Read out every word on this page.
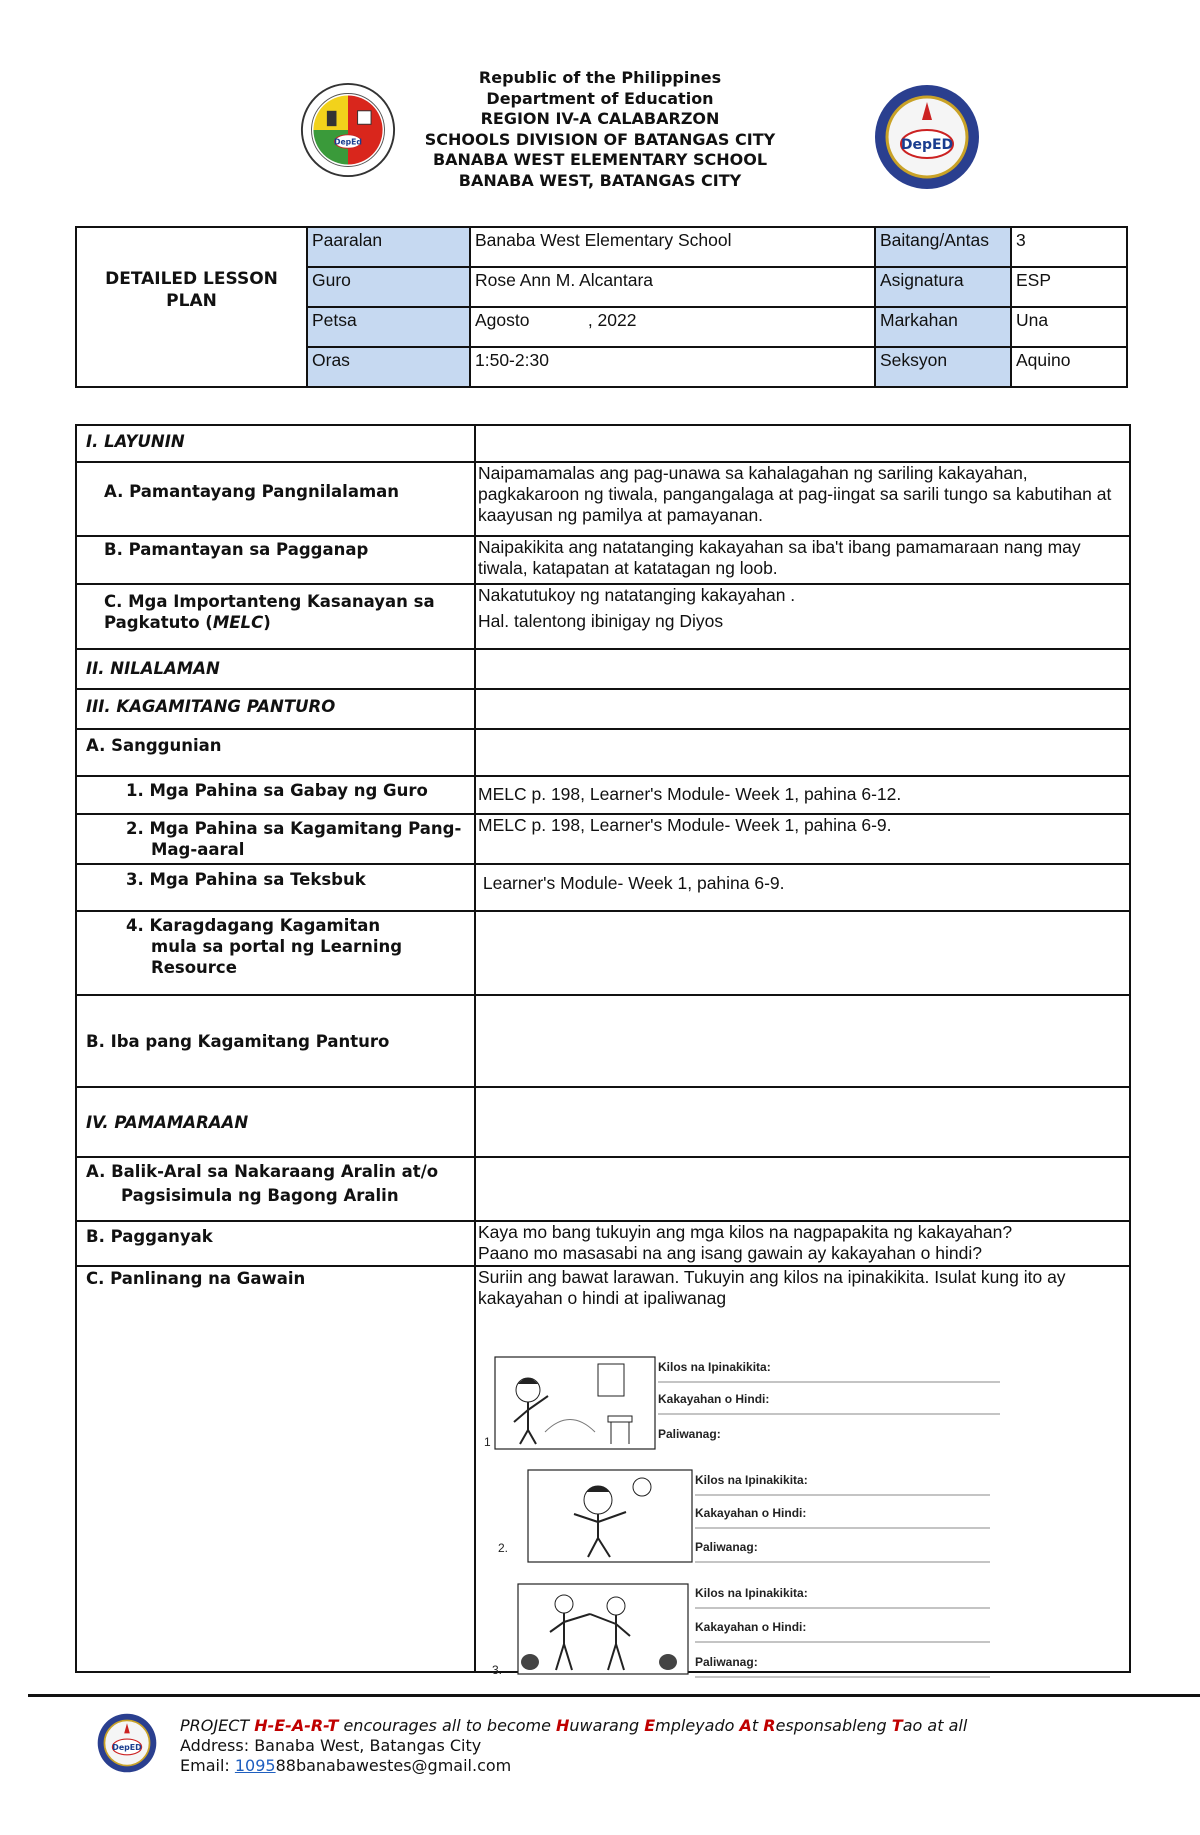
DepEd
Republic of the Philippines
Department of Education
REGION IV-A CALABARZON
SCHOOLS DIVISION OF BATANGAS CITY
BANABA WEST ELEMENTARY SCHOOL
BANABA WEST, BATANGAS CITY
DepED
DETAILED LESSON PLAN	Paaralan	Banaba West Elementary School	Baitang/Antas	3
	Guro	Rose Ann M. Alcantara	Asignatura	ESP
	Petsa	Agosto            , 2022	Markahan	Una
	Oras	1:50-2:30	Seksyon	Aquino
I. LAYUNIN	

A. Pamantayang Pangnilalaman	Naipamamalas ang pag-unawa sa kahalagahan ng sariling kakayahan, pagkakaroon ng tiwala, pangangalaga at pag-iingat sa sarili tungo sa kabutihan at kaayusan ng pamilya at pamayanan.

B. Pamantayan sa Pagganap	Naipakikita ang natatanging kakayahan sa iba't ibang pamamaraan nang may tiwala, katapatan at katatagan ng loob.

C. Mga Importanteng Kasanayan sa Pagkatuto (MELC)	Nakatutukoy ng natatanging kakayahan .
Hal. talentong ibinigay ng Diyos

II. NILALAMAN	

III. KAGAMITANG PANTURO	

A. Sanggunian	

1. Mga Pahina sa Gabay ng Guro	MELC p. 198, Learner's Module- Week 1, pahina 6-12.

2. Mga Pahina sa Kagamitang Pang-Mag-aaral	MELC p. 198, Learner's Module- Week 1, pahina 6-9.

3. Mga Pahina sa Teksbuk	Learner's Module- Week 1, pahina 6-9.

4. Karagdagang Kagamitan mula sa portal ng Learning Resource	

B. Iba pang Kagamitang Panturo	

IV. PAMAMARAAN	

A. Balik-Aral sa Nakaraang Aralin at/o Pagsisimula ng Bagong Aralin	

B. Pagganyak	Kaya mo bang tukuyin ang mga kilos na nagpapakita ng kakayahan?
Paano mo masasabi na ang isang gawain ay kakayahan o hindi?

C. Panlinang na Gawain	Suriin ang bawat larawan. Tukuyin ang kilos na ipinakikita. Isulat kung ito ay kakayahan o hindi at ipaliwanag
1
Kilos na Ipinakikita:
Kakayahan o Hindi:
Paliwanag:
2.
Kilos na Ipinakikita:
Kakayahan o Hindi:
Paliwanag:
3.
Kilos na Ipinakikita:
Kakayahan o Hindi:
Paliwanag:
DepED
PROJECT H-E-A-R-T encourages all to become Huwarang Empleyado At Responsableng Tao at all
Address: Banaba West, Batangas City
Email: 109588banabawestes@gmail.com
